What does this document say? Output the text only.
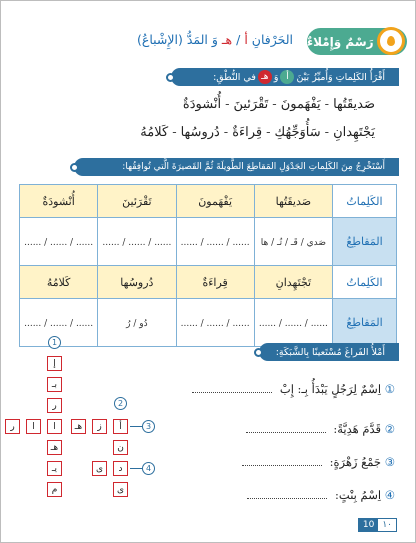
رَسْمٌ وَإِمْلاءٌ
الحَرْفانِ أ / هـ وَ المَدُّ (الإِشْباعُ)
أَقْرَأُ الكَلِماتِ وَأُميِّزُ بَيْنَ
أ
وَ
هـ
في النُّطْقِ:
صَديقَتُها-يَفْهَمونَ-تَقْرَئينَ-أُنْشودَةٌ
يَجْتَهِدانِ-سَأُوَجِّهُكِ-قِراءَةٌ-دُروسُها-كَلامُهُ
أَسْتَخْرِجُ مِنَ الكَلِماتِ الجَدْوَلِ المَقاطِعَ الطَّويلَةَ ثُمَّ القَصيرَةَ الَّتي تُوافِقُها:
الكَلِماتُ	صَديقَتُها	يَفْهَمونَ	تَقْرَئينَ	أُنْشودَةٌ
المَقاطِعُ	صَدي / قَـ / تُـ / ها	...... / ...... / ......	...... / ...... / ......	...... / ...... / ......
الكَلِماتُ	تَجْتَهِدانِ	قِراءَةٌ	دُروسُها	كَلامُهُ
المَقاطِعُ	...... / ...... / ......	...... / ...... / ......	دُو / رُ	...... / ...... / ......
أَمْلأُ الفَراغَ مُسْتَعينًا بِالشَّبَكَةِ:
1
إ
بـ
ر
ا
هـ
يـ
م
2
أ
ز
هـ
ا
ر	3
ن
د
ى
ى
4
① اِسْمٌ لِرَجُلٍ يَبْدَأُ بِـ: إِبْ
② قَدَّمَ هَدِيَّةً:
③ جَمْعُ زَهْرَةٍ:
④ اِسْمُ بِنْتٍ:
10 ١٠
